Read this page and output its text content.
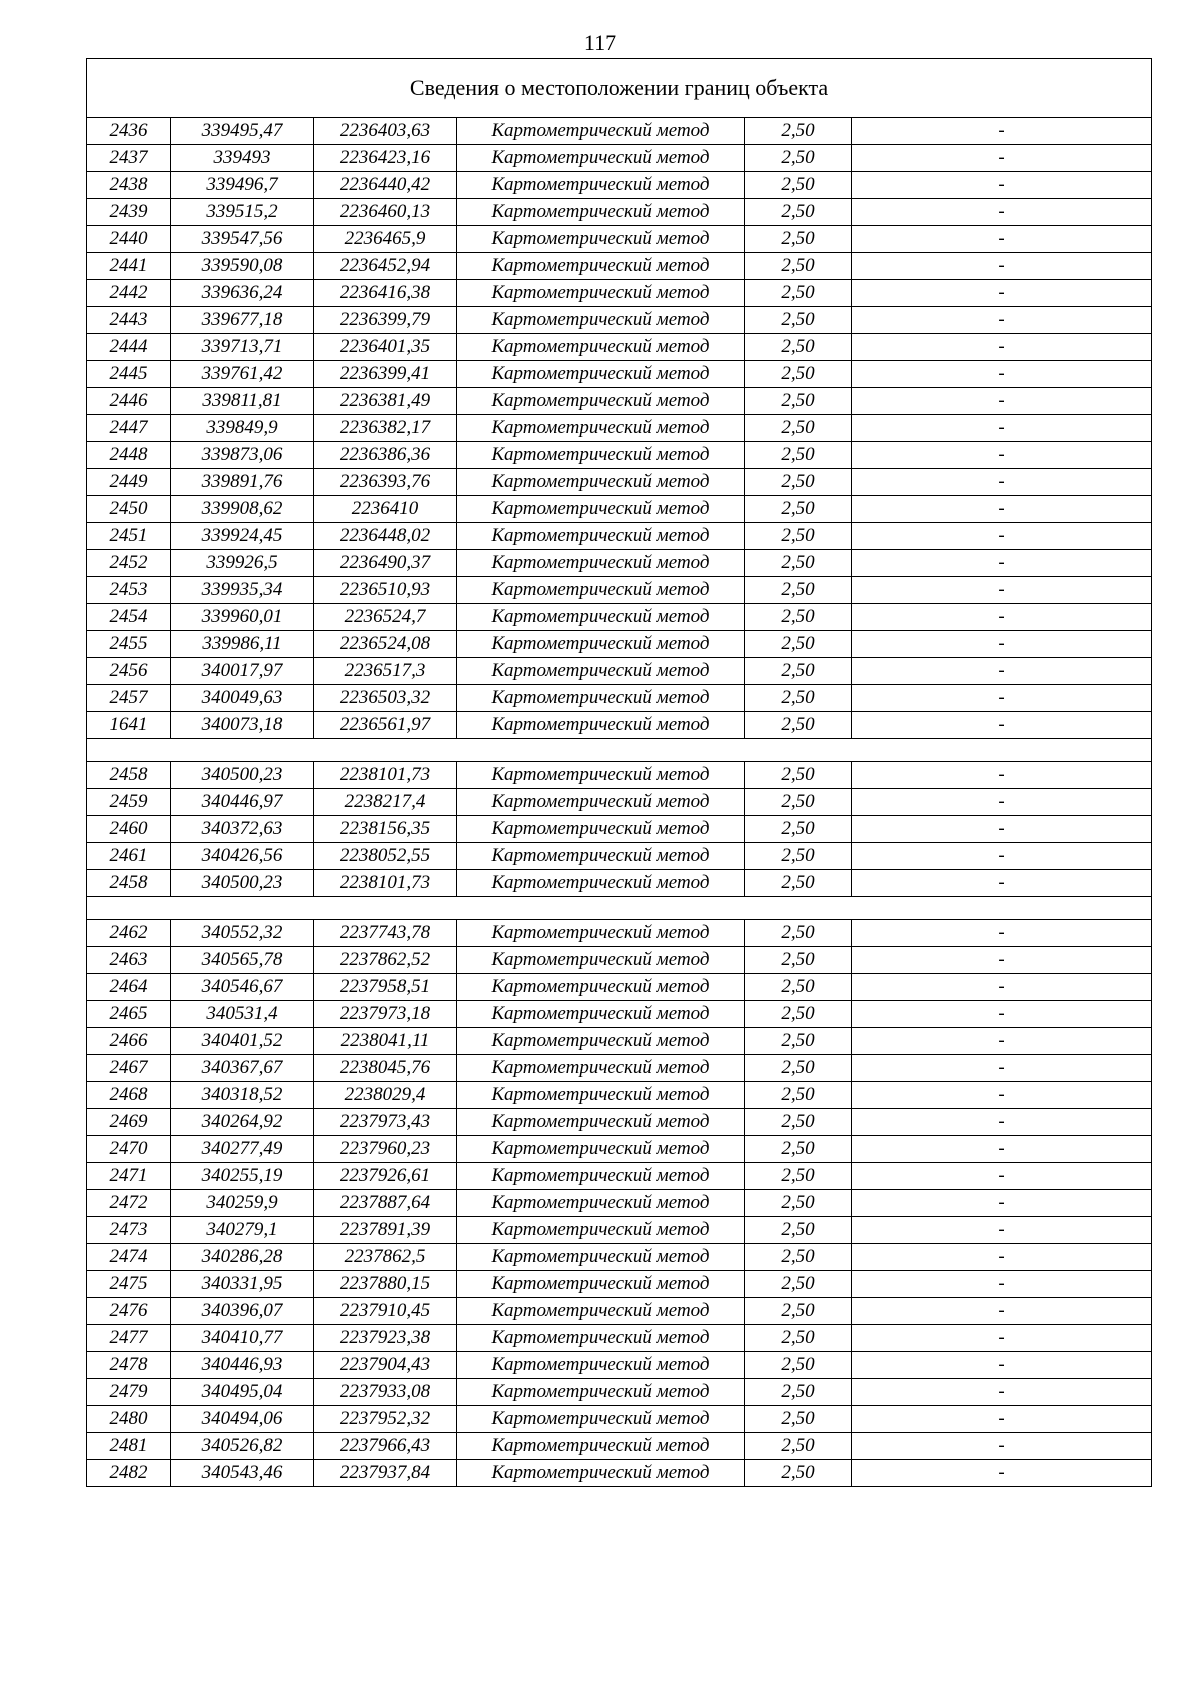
117
Сведения о местоположении границ объекта					
2436	339495,47	2236403,63	Картометрический метод	2,50	-
2437	339493	2236423,16	Картометрический метод	2,50	-
2438	339496,7	2236440,42	Картометрический метод	2,50	-
2439	339515,2	2236460,13	Картометрический метод	2,50	-
2440	339547,56	2236465,9	Картометрический метод	2,50	-
2441	339590,08	2236452,94	Картометрический метод	2,50	-
2442	339636,24	2236416,38	Картометрический метод	2,50	-
2443	339677,18	2236399,79	Картометрический метод	2,50	-
2444	339713,71	2236401,35	Картометрический метод	2,50	-
2445	339761,42	2236399,41	Картометрический метод	2,50	-
2446	339811,81	2236381,49	Картометрический метод	2,50	-
2447	339849,9	2236382,17	Картометрический метод	2,50	-
2448	339873,06	2236386,36	Картометрический метод	2,50	-
2449	339891,76	2236393,76	Картометрический метод	2,50	-
2450	339908,62	2236410	Картометрический метод	2,50	-
2451	339924,45	2236448,02	Картометрический метод	2,50	-
2452	339926,5	2236490,37	Картометрический метод	2,50	-
2453	339935,34	2236510,93	Картометрический метод	2,50	-
2454	339960,01	2236524,7	Картометрический метод	2,50	-
2455	339986,11	2236524,08	Картометрический метод	2,50	-
2456	340017,97	2236517,3	Картометрический метод	2,50	-
2457	340049,63	2236503,32	Картометрический метод	2,50	-
1641	340073,18	2236561,97	Картометрический метод	2,50	-

2458	340500,23	2238101,73	Картометрический метод	2,50	-
2459	340446,97	2238217,4	Картометрический метод	2,50	-
2460	340372,63	2238156,35	Картометрический метод	2,50	-
2461	340426,56	2238052,55	Картометрический метод	2,50	-
2458	340500,23	2238101,73	Картометрический метод	2,50	-

2462	340552,32	2237743,78	Картометрический метод	2,50	-
2463	340565,78	2237862,52	Картометрический метод	2,50	-
2464	340546,67	2237958,51	Картометрический метод	2,50	-
2465	340531,4	2237973,18	Картометрический метод	2,50	-
2466	340401,52	2238041,11	Картометрический метод	2,50	-
2467	340367,67	2238045,76	Картометрический метод	2,50	-
2468	340318,52	2238029,4	Картометрический метод	2,50	-
2469	340264,92	2237973,43	Картометрический метод	2,50	-
2470	340277,49	2237960,23	Картометрический метод	2,50	-
2471	340255,19	2237926,61	Картометрический метод	2,50	-
2472	340259,9	2237887,64	Картометрический метод	2,50	-
2473	340279,1	2237891,39	Картометрический метод	2,50	-
2474	340286,28	2237862,5	Картометрический метод	2,50	-
2475	340331,95	2237880,15	Картометрический метод	2,50	-
2476	340396,07	2237910,45	Картометрический метод	2,50	-
2477	340410,77	2237923,38	Картометрический метод	2,50	-
2478	340446,93	2237904,43	Картометрический метод	2,50	-
2479	340495,04	2237933,08	Картометрический метод	2,50	-
2480	340494,06	2237952,32	Картометрический метод	2,50	-
2481	340526,82	2237966,43	Картометрический метод	2,50	-
2482	340543,46	2237937,84	Картометрический метод	2,50	-
